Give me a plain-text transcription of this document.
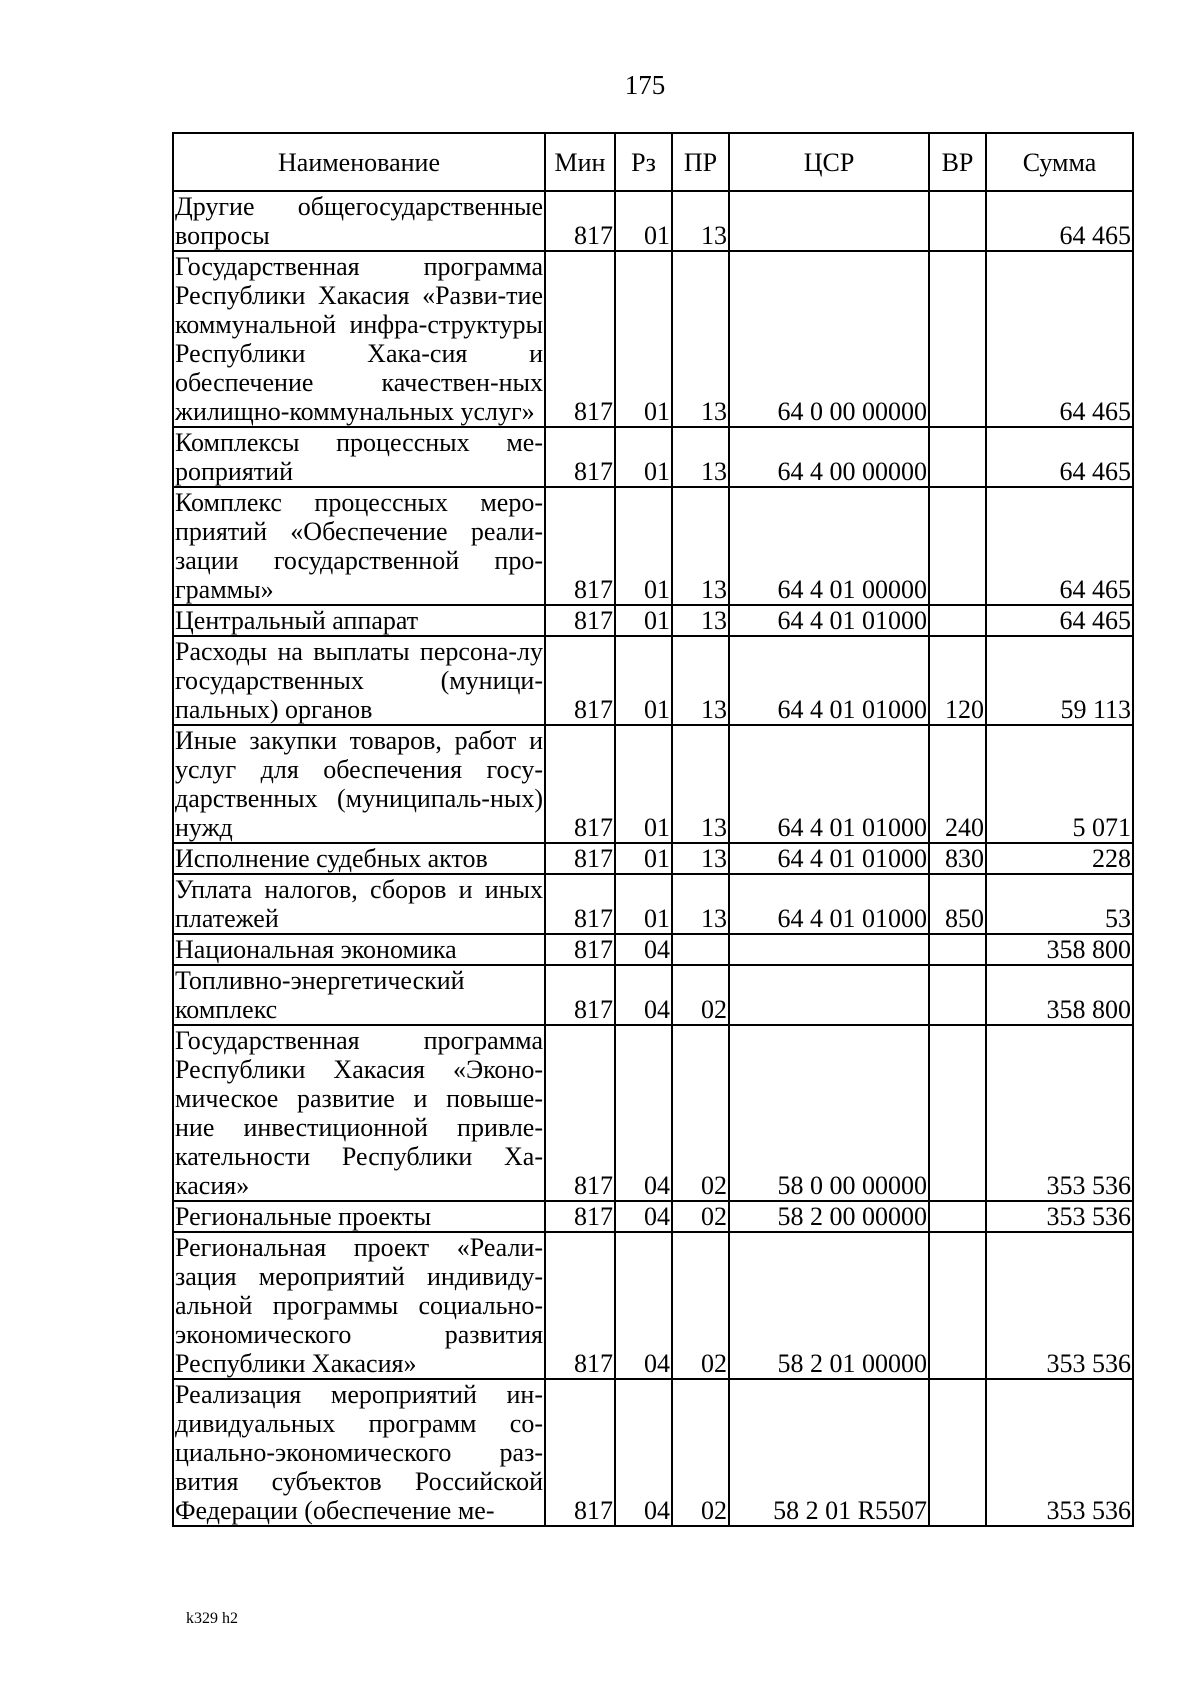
175
Наименование	Мин	Рз	ПР	ЦСР	ВР	Сумма
Другие общегосударственные вопросы	817	01	13			64 465
Государственная программа Республики Хакасия «Разви-тие коммунальной инфра-структуры Республики Хака-сия и обеспечение качествен-ных жилищно-коммунальных услуг»	817	01	13	64 0 00 00000		64 465
Комплексы процессных ме-роприятий	817	01	13	64 4 00 00000		64 465
Комплекс процессных меро-приятий «Обеспечение реали-зации государственной про-граммы»	817	01	13	64 4 01 00000		64 465
Центральный аппарат	817	01	13	64 4 01 01000		64 465
Расходы на выплаты персона-лу государственных (муници-пальных) органов	817	01	13	64 4 01 01000	120	59 113
Иные закупки товаров, работ и услуг для обеспечения госу-дарственных (муниципаль-ных) нужд	817	01	13	64 4 01 01000	240	5 071
Исполнение судебных актов	817	01	13	64 4 01 01000	830	228
Уплата налогов, сборов и иных платежей	817	01	13	64 4 01 01000	850	53
Национальная экономика	817	04				358 800
Топливно-энергетический комплекс	817	04	02			358 800
Государственная программа Республики Хакасия «Эконо-мическое развитие и повыше-ние инвестиционной привле-кательности Республики Ха-касия»	817	04	02	58 0 00 00000		353 536
Региональные проекты	817	04	02	58 2 00 00000		353 536
Региональная проект «Реали-зация мероприятий индивиду-альной программы социально-экономического развития Республики Хакасия»	817	04	02	58 2 01 00000		353 536
Реализация мероприятий ин-дивидуальных программ со-циально-экономического раз-вития субъектов Российской Федерации (обеспечение ме-	817	04	02	58 2 01 R5507		353 536
k329 h2
